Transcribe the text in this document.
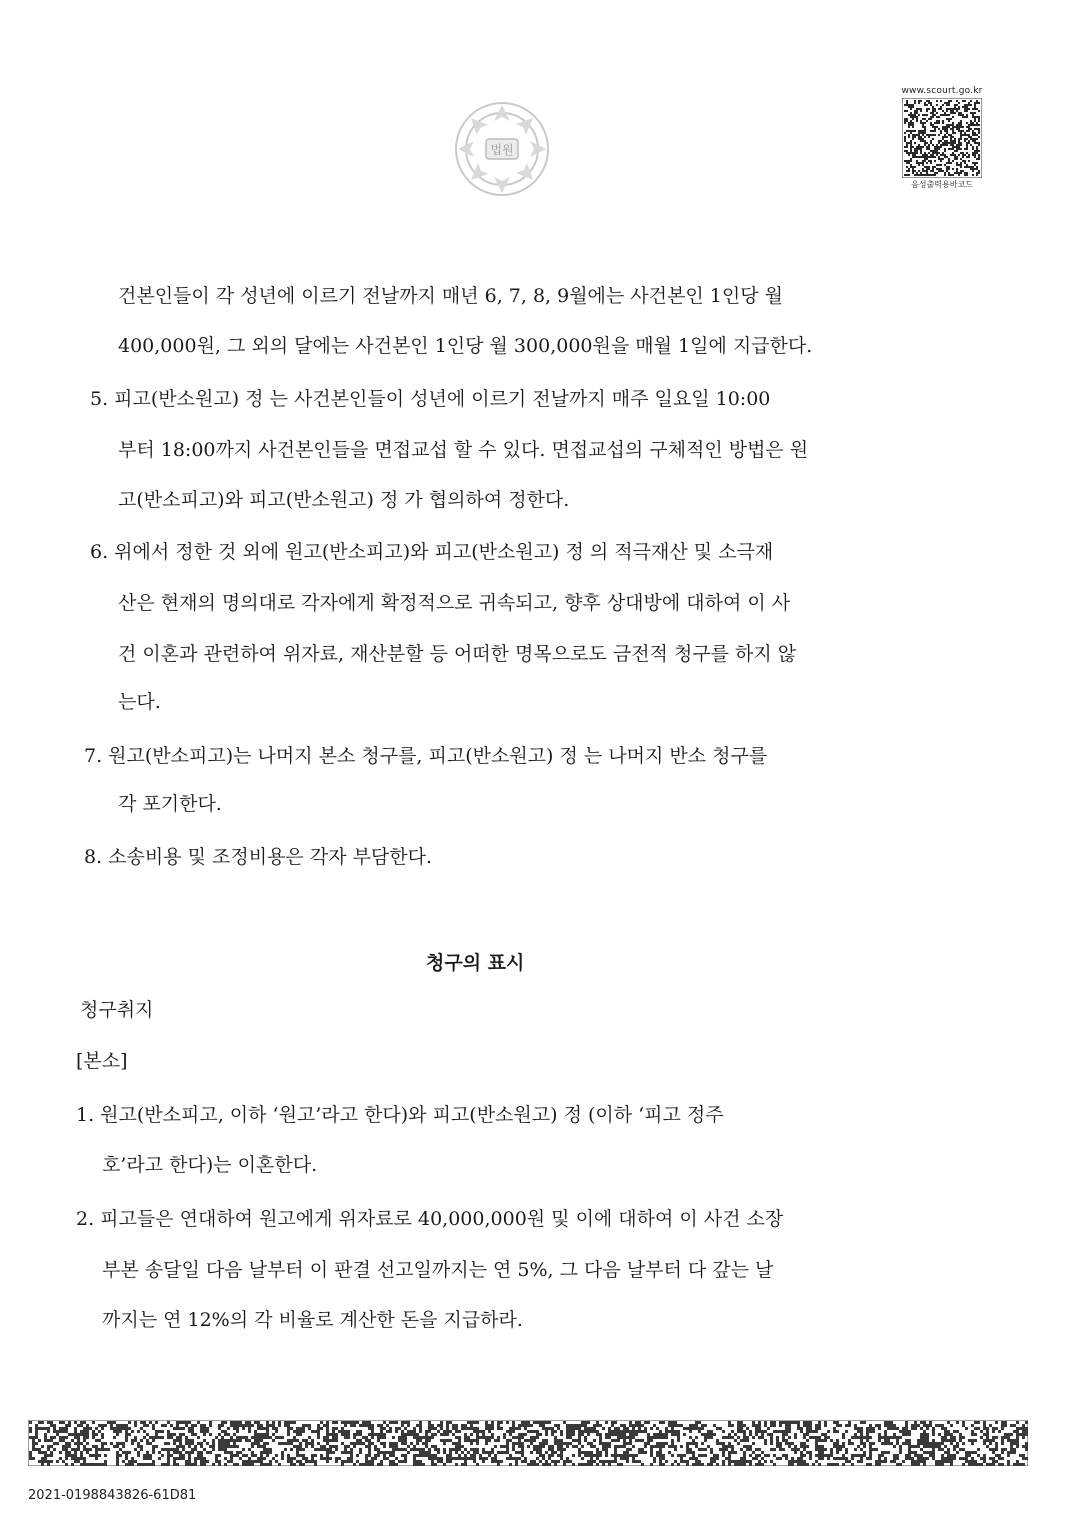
법원
www.scourt.go.kr
음성출력용바코드
건본인들이 각 성년에 이르기 전날까지 매년 6, 7, 8, 9월에는 사건본인 1인당 월
400,000원, 그 외의 달에는 사건본인 1인당 월 300,000원을 매월 1일에 지급한다.
5. 피고(반소원고) 정 는 사건본인들이 성년에 이르기 전날까지 매주 일요일 10:00
부터 18:00까지 사건본인들을 면접교섭 할 수 있다. 면접교섭의 구체적인 방법은 원
고(반소피고)와 피고(반소원고) 정 가 협의하여 정한다.
6. 위에서 정한 것 외에 원고(반소피고)와 피고(반소원고) 정 의 적극재산 및 소극재
산은 현재의 명의대로 각자에게 확정적으로 귀속되고, 향후 상대방에 대하여 이 사
건 이혼과 관련하여 위자료, 재산분할 등 어떠한 명목으로도 금전적 청구를 하지 않
는다.
7. 원고(반소피고)는 나머지 본소 청구를, 피고(반소원고) 정 는 나머지 반소 청구를
각 포기한다.
8. 소송비용 및 조정비용은 각자 부담한다.
청구의 표시
청구취지
[본소]
1. 원고(반소피고, 이하 ‘원고’라고 한다)와 피고(반소원고) 정 (이하 ‘피고 정주
호’라고 한다)는 이혼한다.
2. 피고들은 연대하여 원고에게 위자료로 40,000,000원 및 이에 대하여 이 사건 소장
부본 송달일 다음 날부터 이 판결 선고일까지는 연 5%, 그 다음 날부터 다 갚는 날
까지는 연 12%의 각 비율로 계산한 돈을 지급하라.
2021-0198843826-61D81
